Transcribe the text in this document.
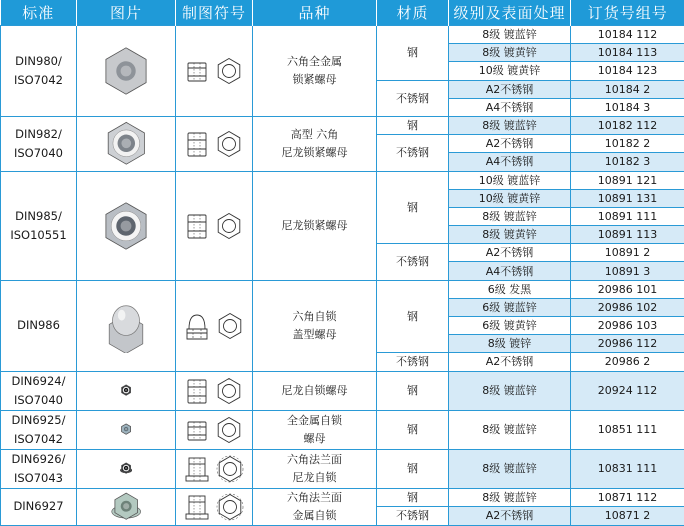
标准	图片	制图符号	品种	材质	级别及表面处理	订货号组号
DIN980/
ISO7042			六角全金属
锁紧螺母	钢	8级 镀蓝锌	10184 112
					8级 镀黄锌	10184 113
					10级 镀黄锌	10184 123
				不锈钢	A2不锈钢	10184 2
					A4不锈钢	10184 3
DIN982/
ISO7040			高型 六角
尼龙锁紧螺母	钢	8级 镀蓝锌	10182 112
				不锈钢	A2不锈钢	10182 2
					A4不锈钢	10182 3
DIN985/
ISO10551			尼龙锁紧螺母	钢	10级 镀蓝锌	10891 121
					10级 镀黄锌	10891 131
					8级 镀蓝锌	10891 111
					8级 镀黄锌	10891 113
				不锈钢	A2不锈钢	10891 2
					A4不锈钢	10891 3
DIN986			六角自锁
盖型螺母	钢	6级 发黑	20986 101
					6级 镀蓝锌	20986 102
					6级 镀黄锌	20986 103
					8级 镀锌	20986 112
				不锈钢	A2不锈钢	20986 2
DIN6924/
ISO7040			尼龙自锁螺母	钢	8级 镀蓝锌	20924 112
DIN6925/
ISO7042			全金属自锁
螺母	钢	8级 镀蓝锌	10851 111
DIN6926/
ISO7043			六角法兰面
尼龙自锁	钢	8级 镀蓝锌	10831 111
DIN6927			六角法兰面
金属自锁	钢	8级 镀蓝锌	10871 112
				不锈钢	A2不锈钢	10871 2
